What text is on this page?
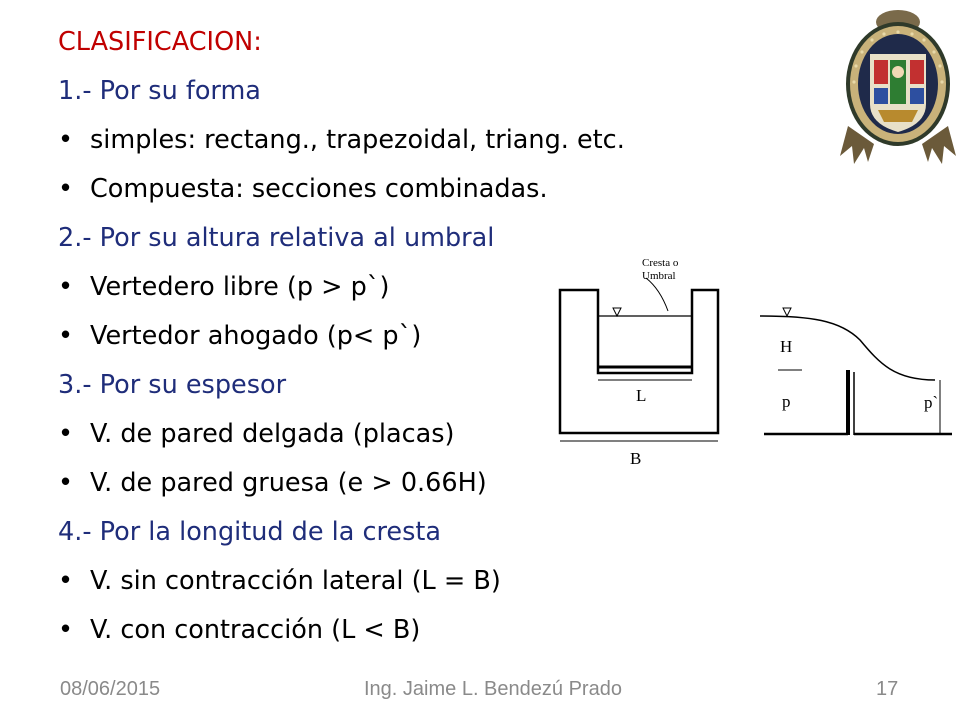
CLASIFICACION:
1.- Por su forma
• simples: rectang., trapezoidal, triang. etc.
• Compuesta: secciones combinadas.
2.- Por su altura relativa al umbral
• Vertedero libre (p > p`)
• Vertedor ahogado (p< p`)
3.- Por su espesor
• V. de pared delgada (placas)
• V. de pared gruesa (e > 0.66H)
4.- Por la longitud de la cresta
• V. sin contracción lateral (L = B)
• V. con contracción (L < B)
Cresta o
Umbral
L
B
H
p	p`
08/06/2015	Ing. Jaime L. Bendezú Prado	17
